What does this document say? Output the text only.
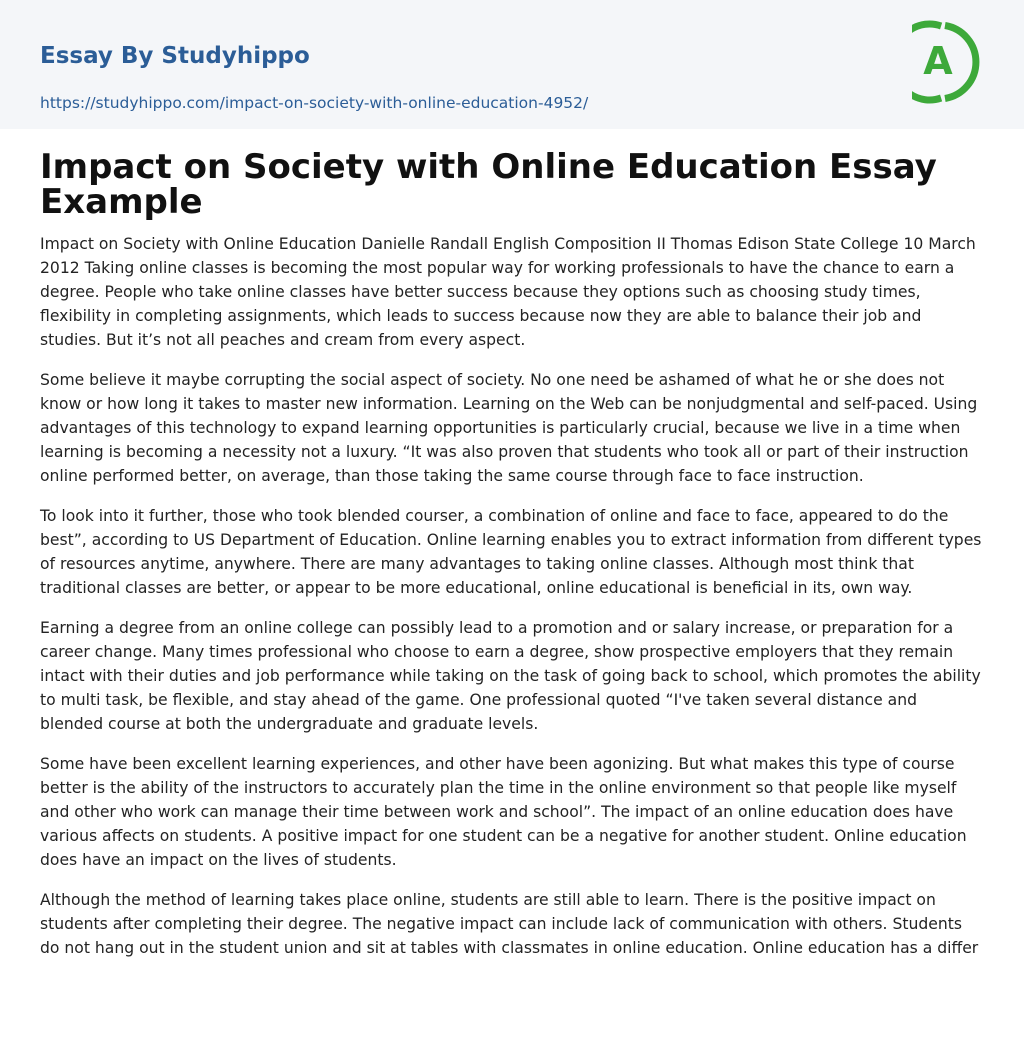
Essay By Studyhippo
https://studyhippo.com/impact-on-society-with-online-education-4952/
A
Impact on Society with Online Education Essay Example

Impact on Society with Online Education Danielle Randall English Composition II Thomas Edison State College 10 March 2012 Taking online classes is becoming the most popular way for working professionals to have the chance to earn a degree. People who take online classes have better success because they options such as choosing study times, flexibility in completing assignments, which leads to success because now they are able to balance their job and studies. But it’s not all peaches and cream from every aspect.

Some believe it maybe corrupting the social aspect of society. No one need be ashamed of what he or she does not know or how long it takes to master new information. Learning on the Web can be nonjudgmental and self-paced. Using advantages of this technology to expand learning opportunities is particularly crucial, because we live in a time when learning is becoming a necessity not a luxury. “It was also proven that students who took all or part of their instruction online performed better, on average, than those taking the same course through face to face instruction.

To look into it further, those who took blended courser, a combination of online and face to face, appeared to do the best”, according to US Department of Education. Online learning enables you to extract information from different types of resources anytime, anywhere. There are many advantages to taking online classes. Although most think that traditional classes are better, or appear to be more educational, online educational is beneficial in its, own way.

Earning a degree from an online college can possibly lead to a promotion and or salary increase, or preparation for a career change. Many times professional who choose to earn a degree, show prospective employers that they remain intact with their duties and job performance while taking on the task of going back to school, which promotes the ability to multi task, be flexible, and stay ahead of the game. One professional quoted “I've taken several distance and blended course at both the undergraduate and graduate levels.

Some have been excellent learning experiences, and other have been agonizing. But what makes this type of course better is the ability of the instructors to accurately plan the time in the online environment so that people like myself and other who work can manage their time between work and school”. The impact of an online education does have various affects on students. A positive impact for one student can be a negative for another student. Online education does have an impact on the lives of students.

Although the method of learning takes place online, students are still able to learn. There is the positive impact on students after completing their degree. The negative impact can include lack of communication with others. Students do not hang out in the student union and sit at tables with classmates in online education. Online education has a differ
